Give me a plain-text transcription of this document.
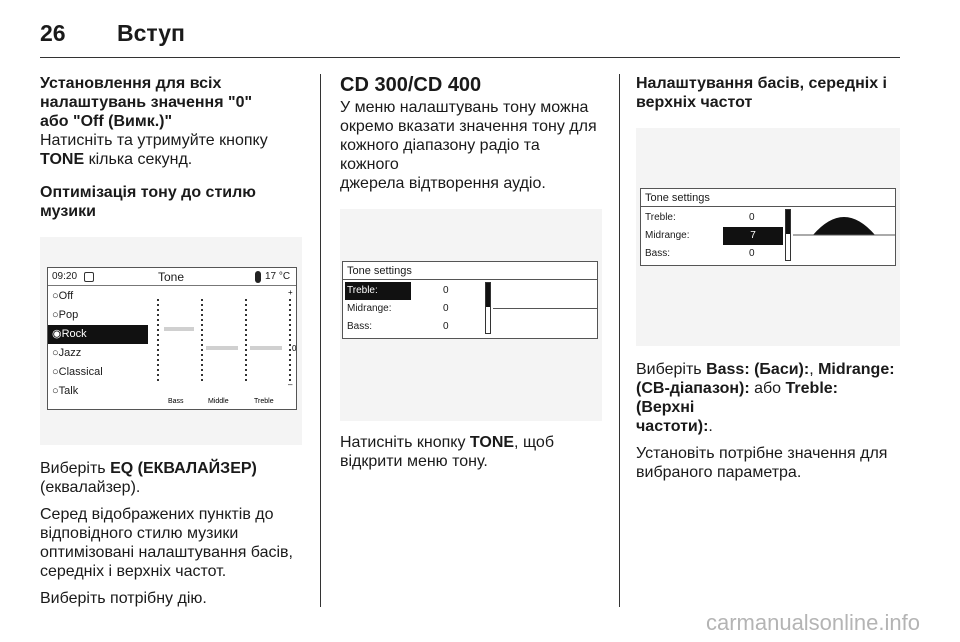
26 Вступ
Установлення для всіх
налаштувань значення "0"
або "Off (Вимк.)"
Натисніть та утримуйте кнопку
TONE кілька секунд.
Оптимізація тону до стилю музики
09:20	Tone	17 °C
○Off
○Pop
◉Rock
○Jazz
○Classical
○Talk
+
0
–
Bass	Middle	Treble
Виберіть EQ (ЕКВАЛАЙЗЕР)
(еквалайзер).
Серед відображених пунктів до
відповідного стилю музики
оптимізовані налаштування басів,
середніх і верхніх частот.
Виберіть потрібну дію.
CD 300/CD 400
У меню налаштувань тону можна
окремо вказати значення тону для
кожного діапазону радіо та кожного
джерела відтворення аудіо.
Tone settings
Treble:	0
Midrange:	0
Bass:	0
Натисніть кнопку TONE, щоб
відкрити меню тону.
Налаштування басів, середніх і
верхніх частот
Tone settings
Treble:	0
Midrange:	7
Bass:	0
Виберіть Bass: (Баси):, Midrange:
(СВ-діапазон): або Treble: (Верхні
частоти):.
Установіть потрібне значення для
вибраного параметра.
carmanualsonline.info
